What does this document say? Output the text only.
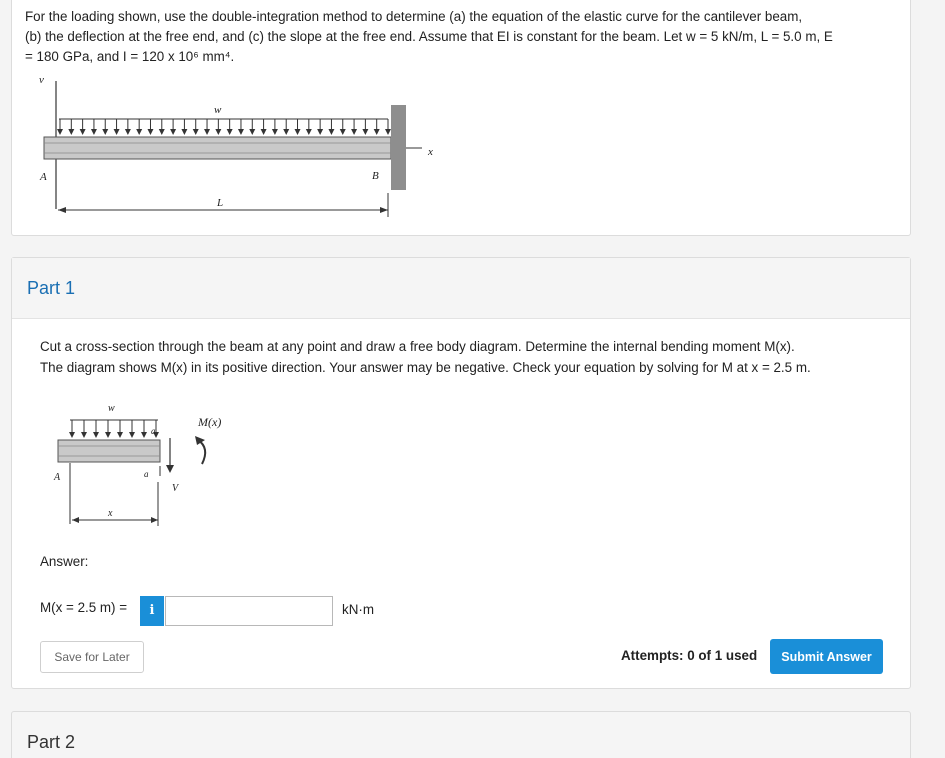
For the loading shown, use the double-integration method to determine (a) the equation of the elastic curve for the cantilever beam,
(b) the deflection at the free end, and (c) the slope at the free end. Assume that EI is constant for the beam. Let w = 5 kN/m, L = 5.0 m, E
= 180 GPa, and I = 120 x 10⁶ mm⁴.
v
w
x
A	B
L
Part 1
Cut a cross-section through the beam at any point and draw a free body diagram. Determine the internal bending moment M(x).
The diagram shows M(x) in its positive direction. Your answer may be negative. Check your equation by solving for M at x = 2.5 m.
w
a
a
A
V
M(x)
x
Answer:
M(x = 2.5 m) =	i	kN·m
Save for Later	Attempts: 0 of 1 used	Submit Answer
Part 2
